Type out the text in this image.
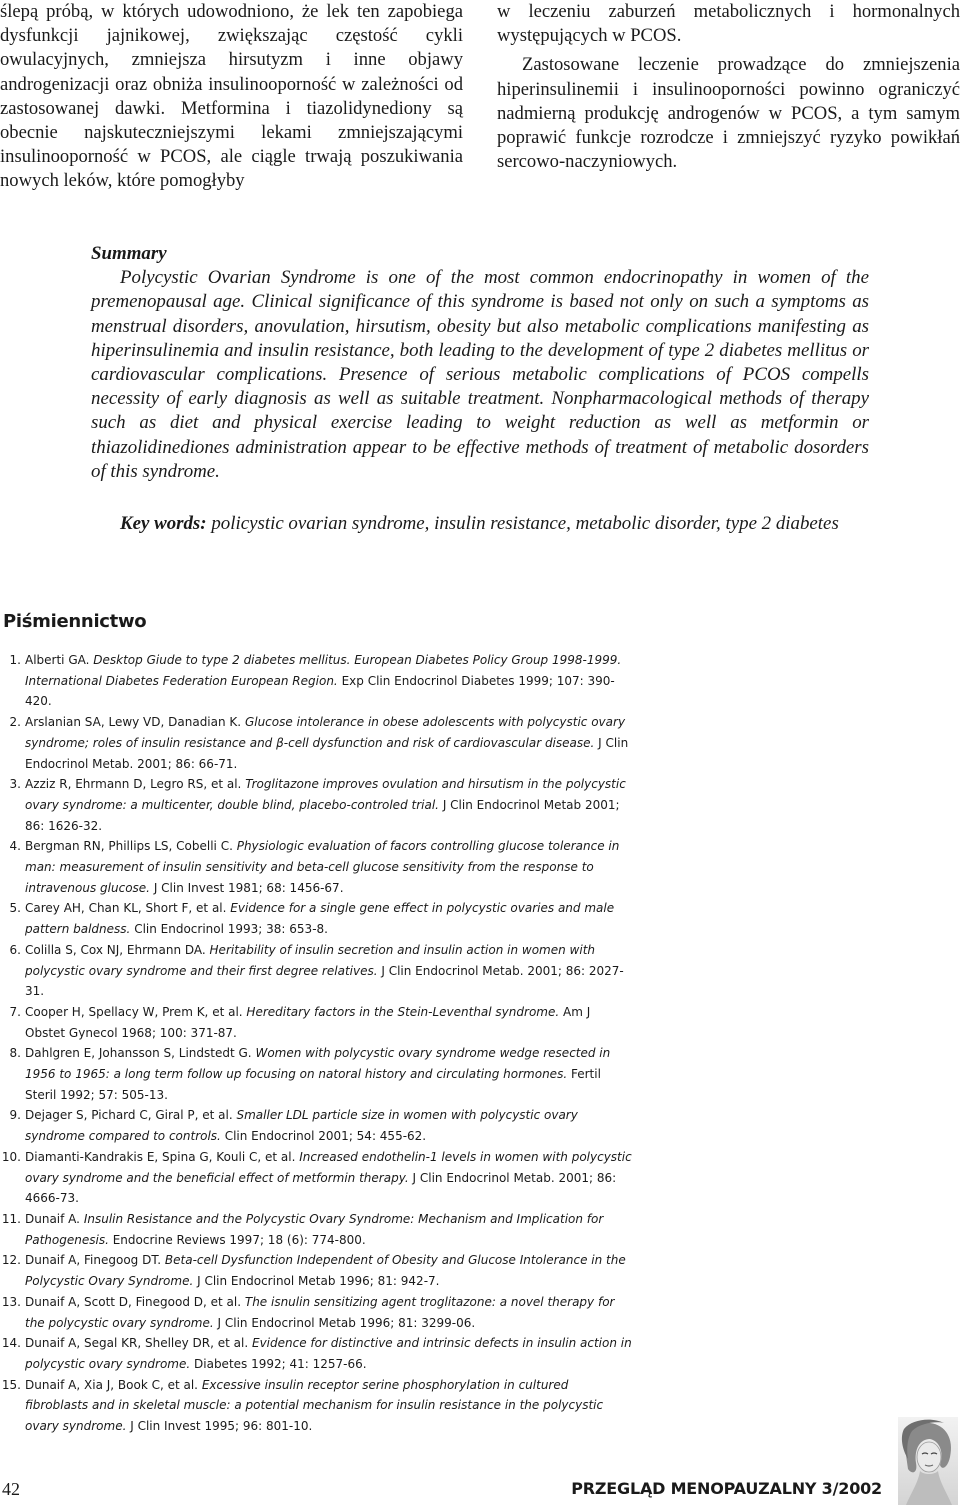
ślepą próbą, w których udowodniono, że lek ten zapobiega dysfunkcji jajnikowej, zwiększając częstość cykli owulacyjnych, zmniejsza hirsutyzm i inne objawy androgenizacji oraz obniża insulinooporność w zależności od zastosowanej dawki. Metformina i tiazolidynediony są obecnie najskuteczniejszymi lekami zmniejszającymi insulinooporność w PCOS, ale ciągle trwają poszukiwania nowych leków, które pomogłyby

w leczeniu zaburzeń metabolicznych i hormonalnych występujących w PCOS.

Zastosowane leczenie prowadzące do zmniejszenia hiperinsulinemii i insulinooporności powinno ograniczyć nadmierną produkcję androgenów w PCOS, a tym samym poprawić funkcje rozrodcze i zmniejszyć ryzyko powikłań sercowo-naczyniowych.

Summary

Polycystic Ovarian Syndrome is one of the most common endocrinopathy in women of the premenopausal age. Clinical significance of this syndrome is based not only on such a symptoms as menstrual disorders, anovulation, hirsutism, obesity but also metabolic complications manifesting as hiperinsulinemia and insulin resistance, both leading to the development of type 2 diabetes mellitus or cardiovascular complications. Presence of serious metabolic complications of PCOS compells necessity of early diagnosis as well as suitable treatment. Nonpharmacological methods of therapy such as diet and physical exercise leading to weight reduction as well as metformin or thiazolidinediones administration appear to be effective methods of treatment of metabolic dosorders of this syndrome.

Key words: policystic ovarian syndrome, insulin resistance, metabolic disorder, type 2 diabetes

Piśmiennictwo
1. Alberti GA. Desktop Giude to type 2 diabetes mellitus. European Diabetes Policy Group 1998-1999. International Diabetes Federation European Region. Exp Clin Endocrinol Diabetes 1999; 107: 390-420.
2. Arslanian SA, Lewy VD, Danadian K. Glucose intolerance in obese adolescents with polycystic ovary syndrome; roles of insulin resistance and β-cell dysfunction and risk of cardiovascular disease. J Clin Endocrinol Metab. 2001; 86: 66-71.
3. Azziz R, Ehrmann D, Legro RS, et al. Troglitazone improves ovulation and hirsutism in the polycystic ovary syndrome: a multicenter, double blind, placebo-controled trial. J Clin Endocrinol Metab 2001; 86: 1626-32.
4. Bergman RN, Phillips LS, Cobelli C. Physiologic evaluation of facors controlling glucose tolerance in man: measurement of insulin sensitivity and beta-cell glucose sensitivity from the response to intravenous glucose. J Clin Invest 1981; 68: 1456-67.
5. Carey AH, Chan KL, Short F, et al. Evidence for a single gene effect in polycystic ovaries and male pattern baldness. Clin Endocrinol 1993; 38: 653-8.
6. Colilla S, Cox NJ, Ehrmann DA. Heritability of insulin secretion and insulin action in women with polycystic ovary syndrome and their first degree relatives. J Clin Endocrinol Metab. 2001; 86: 2027-31.
7. Cooper H, Spellacy W, Prem K, et al. Hereditary factors in the Stein-Leventhal syndrome. Am J Obstet Gynecol 1968; 100: 371-87.
8. Dahlgren E, Johansson S, Lindstedt G. Women with polycystic ovary syndrome wedge resected in 1956 to 1965: a long term follow up focusing on natoral history and circulating hormones. Fertil Steril 1992; 57: 505-13.
9. Dejager S, Pichard C, Giral P, et al. Smaller LDL particle size in women with polycystic ovary syndrome compared to controls. Clin Endocrinol 2001; 54: 455-62.
10. Diamanti-Kandrakis E, Spina G, Kouli C, et al. Increased endothelin-1 levels in women with polycystic ovary syndrome and the beneficial effect of metformin therapy. J Clin Endocrinol Metab. 2001; 86: 4666-73.
11. Dunaif A. Insulin Resistance and the Polycystic Ovary Syndrome: Mechanism and Implication for Pathogenesis. Endocrine Reviews 1997; 18 (6): 774-800.
12. Dunaif A, Finegoog DT. Beta-cell Dysfunction Independent of Obesity and Glucose Intolerance in the Polycystic Ovary Syndrome. J Clin Endocrinol Metab 1996; 81: 942-7.
13. Dunaif A, Scott D, Finegood D, et al. The isnulin sensitizing agent troglitazone: a novel therapy for the polycystic ovary syndrome. J Clin Endocrinol Metab 1996; 81: 3299-06.
14. Dunaif A, Segal KR, Shelley DR, et al. Evidence for distinctive and intrinsic defects in insulin action in polycystic ovary syndrome. Diabetes 1992; 41: 1257-66.
15. Dunaif A, Xia J, Book C, et al. Excessive insulin receptor serine phosphorylation in cultured fibroblasts and in skeletal muscle: a potential mechanism for insulin resistance in the polycystic ovary syndrome. J Clin Invest 1995; 96: 801-10.
42	PRZEGLĄD MENOPAUZALNY 3/2002
